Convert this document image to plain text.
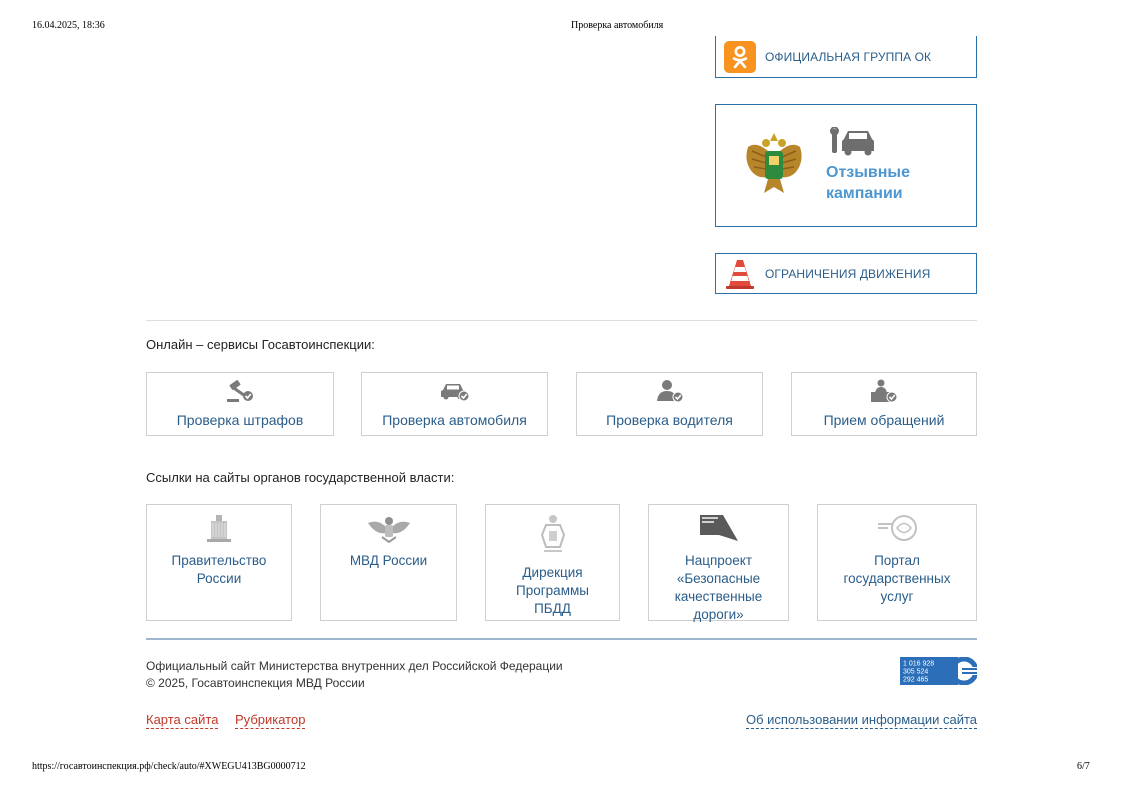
16.04.2025, 18:36	Проверка автомобиля
https://госавтоинспекция.рф/check/auto/#XWEGU413BG0000712	6/7
ОФИЦИАЛЬНАЯ ГРУППА ОК
Отзывные
кампании
ОГРАНИЧЕНИЯ ДВИЖЕНИЯ
Онлайн – сервисы Госавтоинспекции:
Проверка штрафов	Проверка автомобиля	Проверка водителя	Прием обращений
Ссылки на сайты органов государственной власти:
Правительство России
МВД России
Дирекция Программы ПБДД
Нацпроект «Безопасные качественные дороги»
Портал государственных услуг
Официальный сайт Министерства внутренних дел Российской Федерации
© 2025, Госавтоинспекция МВД России
1 016 928
305 524
292 465
Карта сайта Рубрикатор	Об использовании информации сайта
